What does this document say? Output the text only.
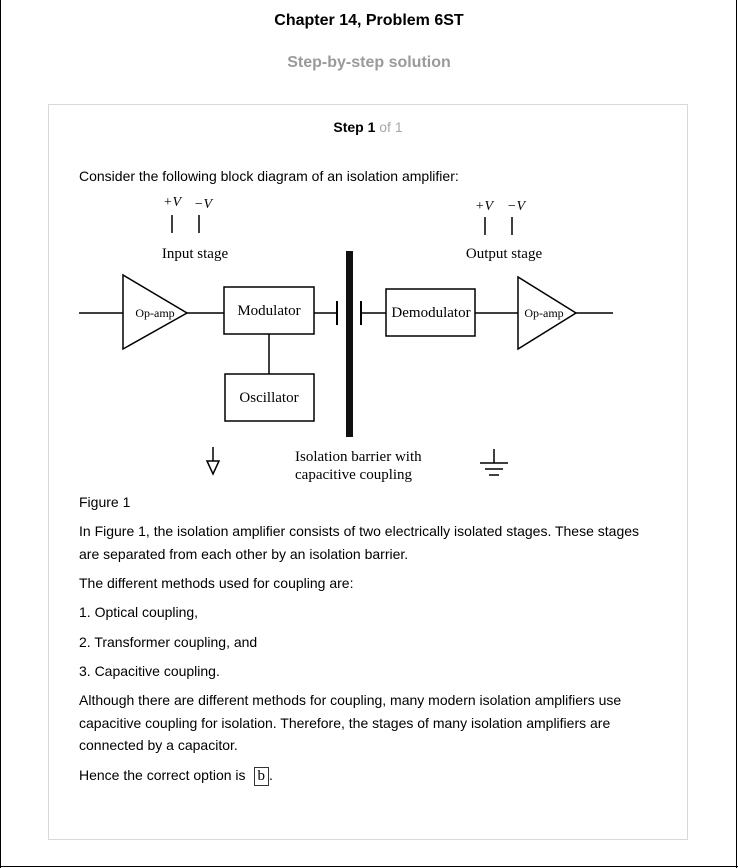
Chapter 14, Problem 6ST
Step-by-step solution
Step 1 of 1
Consider the following block diagram of an isolation amplifier:
+V −V	+V −V
Input stage	Output stage
Op-amp	Modulator
Oscillator
Demodulator	Op-amp
Isolation barrier with
capacitive coupling
Figure 1
In Figure 1, the isolation amplifier consists of two electrically isolated stages. These stages are separated from each other by an isolation barrier.
The different methods used for coupling are:
1. Optical coupling,
2. Transformer coupling, and
3. Capacitive coupling.
Although there are different methods for coupling, many modern isolation amplifiers use capacitive coupling for isolation. Therefore, the stages of many isolation amplifiers are connected by a capacitor.
Hence the correct option is b .
